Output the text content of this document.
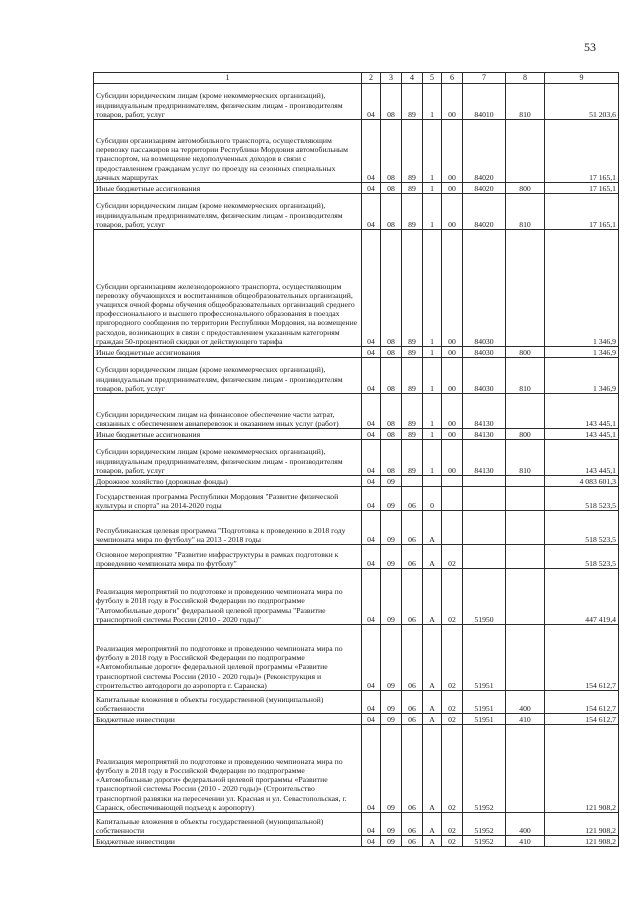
53
1	2	3	4	5	6	7	8	9
Субсидии юридическим лицам (кроме некоммерческих организаций), индивидуальным предпринимателям, физическим лицам - производителям товаров, работ, услуг	04	08	89	1	00	84010	810	51 203,6
Субсидии организациям автомобильного транспорта, осуществляющим перевозку пассажиров на территории Республики Мордовия автомобильным транспортом, на возмещение недополученных доходов в связи с предоставлением гражданам услуг по проезду на сезонных специальных дачных маршрутах	04	08	89	1	00	84020		17 165,1
Иные бюджетные ассигнования	04	08	89	1	00	84020	800	17 165,1
Субсидии юридическим лицам (кроме некоммерческих организаций), индивидуальным предпринимателям, физическим лицам - производителям товаров, работ, услуг	04	08	89	1	00	84020	810	17 165,1
Субсидии организациям железнодорожного транспорта, осуществляющим перевозку обучающихся и воспитанников общеобразовательных организаций, учащихся очной формы обучения общеобразовательных организаций среднего профессионального и высшего профессионального образования в поездах пригородного сообщения по территории Республики Мордовия, на возмещение расходов, возникающих в связи с предоставлением указанным категориям граждан 50-процентной скидки от действующего тарифа	04	08	89	1	00	84030		1 346,9
Иные бюджетные ассигнования	04	08	89	1	00	84030	800	1 346,9
Субсидии юридическим лицам (кроме некоммерческих организаций), индивидуальным предпринимателям, физическим лицам - производителям товаров, работ, услуг	04	08	89	1	00	84030	810	1 346,9
Субсидии юридическим лицам на финансовое обеспечение части затрат, связанных с обеспечением авиаперевозок и оказанием иных услуг (работ)	04	08	89	1	00	84130		143 445,1
Иные бюджетные ассигнования	04	08	89	1	00	84130	800	143 445,1
Субсидии юридическим лицам (кроме некоммерческих организаций), индивидуальным предпринимателям, физическим лицам - производителям товаров, работ, услуг	04	08	89	1	00	84130	810	143 445,1
Дорожное хозяйство (дорожные фонды)	04	09						4 083 601,3
Государственная программа Республики Мордовия "Развитие физической культуры и спорта" на 2014-2020 годы	04	09	06	0				518 523,5
Республиканская целевая программа "Подготовка к проведению в 2018 году чемпионата мира по футболу" на 2013 - 2018 годы	04	09	06	А				518 523,5
Основное мероприятие "Развитие инфраструктуры в рамках подготовки к проведению чемпионата мира по футболу"	04	09	06	А	02			518 523,5
Реализация мероприятий по подготовке и проведению чемпионата мира по футболу в 2018 году в Российской Федерации по подпрограмме "Автомобильные дороги" федеральной целевой программы "Развитие транспортной системы России (2010 - 2020 годы)"	04	09	06	А	02	51950		447 419,4
Реализация мероприятий по подготовке и проведению чемпионата мира по футболу в 2018 году в Российской Федерации по подпрограмме «Автомобильные дороги» федеральной целевой программы «Развитие транспортной системы России (2010 - 2020 годы)» (Реконструкция и строительство автодороги до аэропорта г. Саранска)	04	09	06	А	02	51951		154 612,7
Капитальные вложения в объекты государственной (муниципальной) собственности	04	09	06	А	02	51951	400	154 612,7
Бюджетные инвестиции	04	09	06	А	02	51951	410	154 612,7
Реализация мероприятий по подготовке и проведению чемпионата мира по футболу в 2018 году в Российской Федерации по подпрограмме «Автомобильные дороги» федеральной целевой программы «Развитие транспортной системы России (2010 - 2020 годы)» (Строительство транспортной развязки на пересечении ул. Красная и ул. Севастопольская, г. Саранск, обеспечивающей подъезд к аэропорту)	04	09	06	А	02	51952		121 908,2
Капитальные вложения в объекты государственной (муниципальной) собственности	04	09	06	А	02	51952	400	121 908,2
Бюджетные инвестиции	04	09	06	А	02	51952	410	121 908,2
